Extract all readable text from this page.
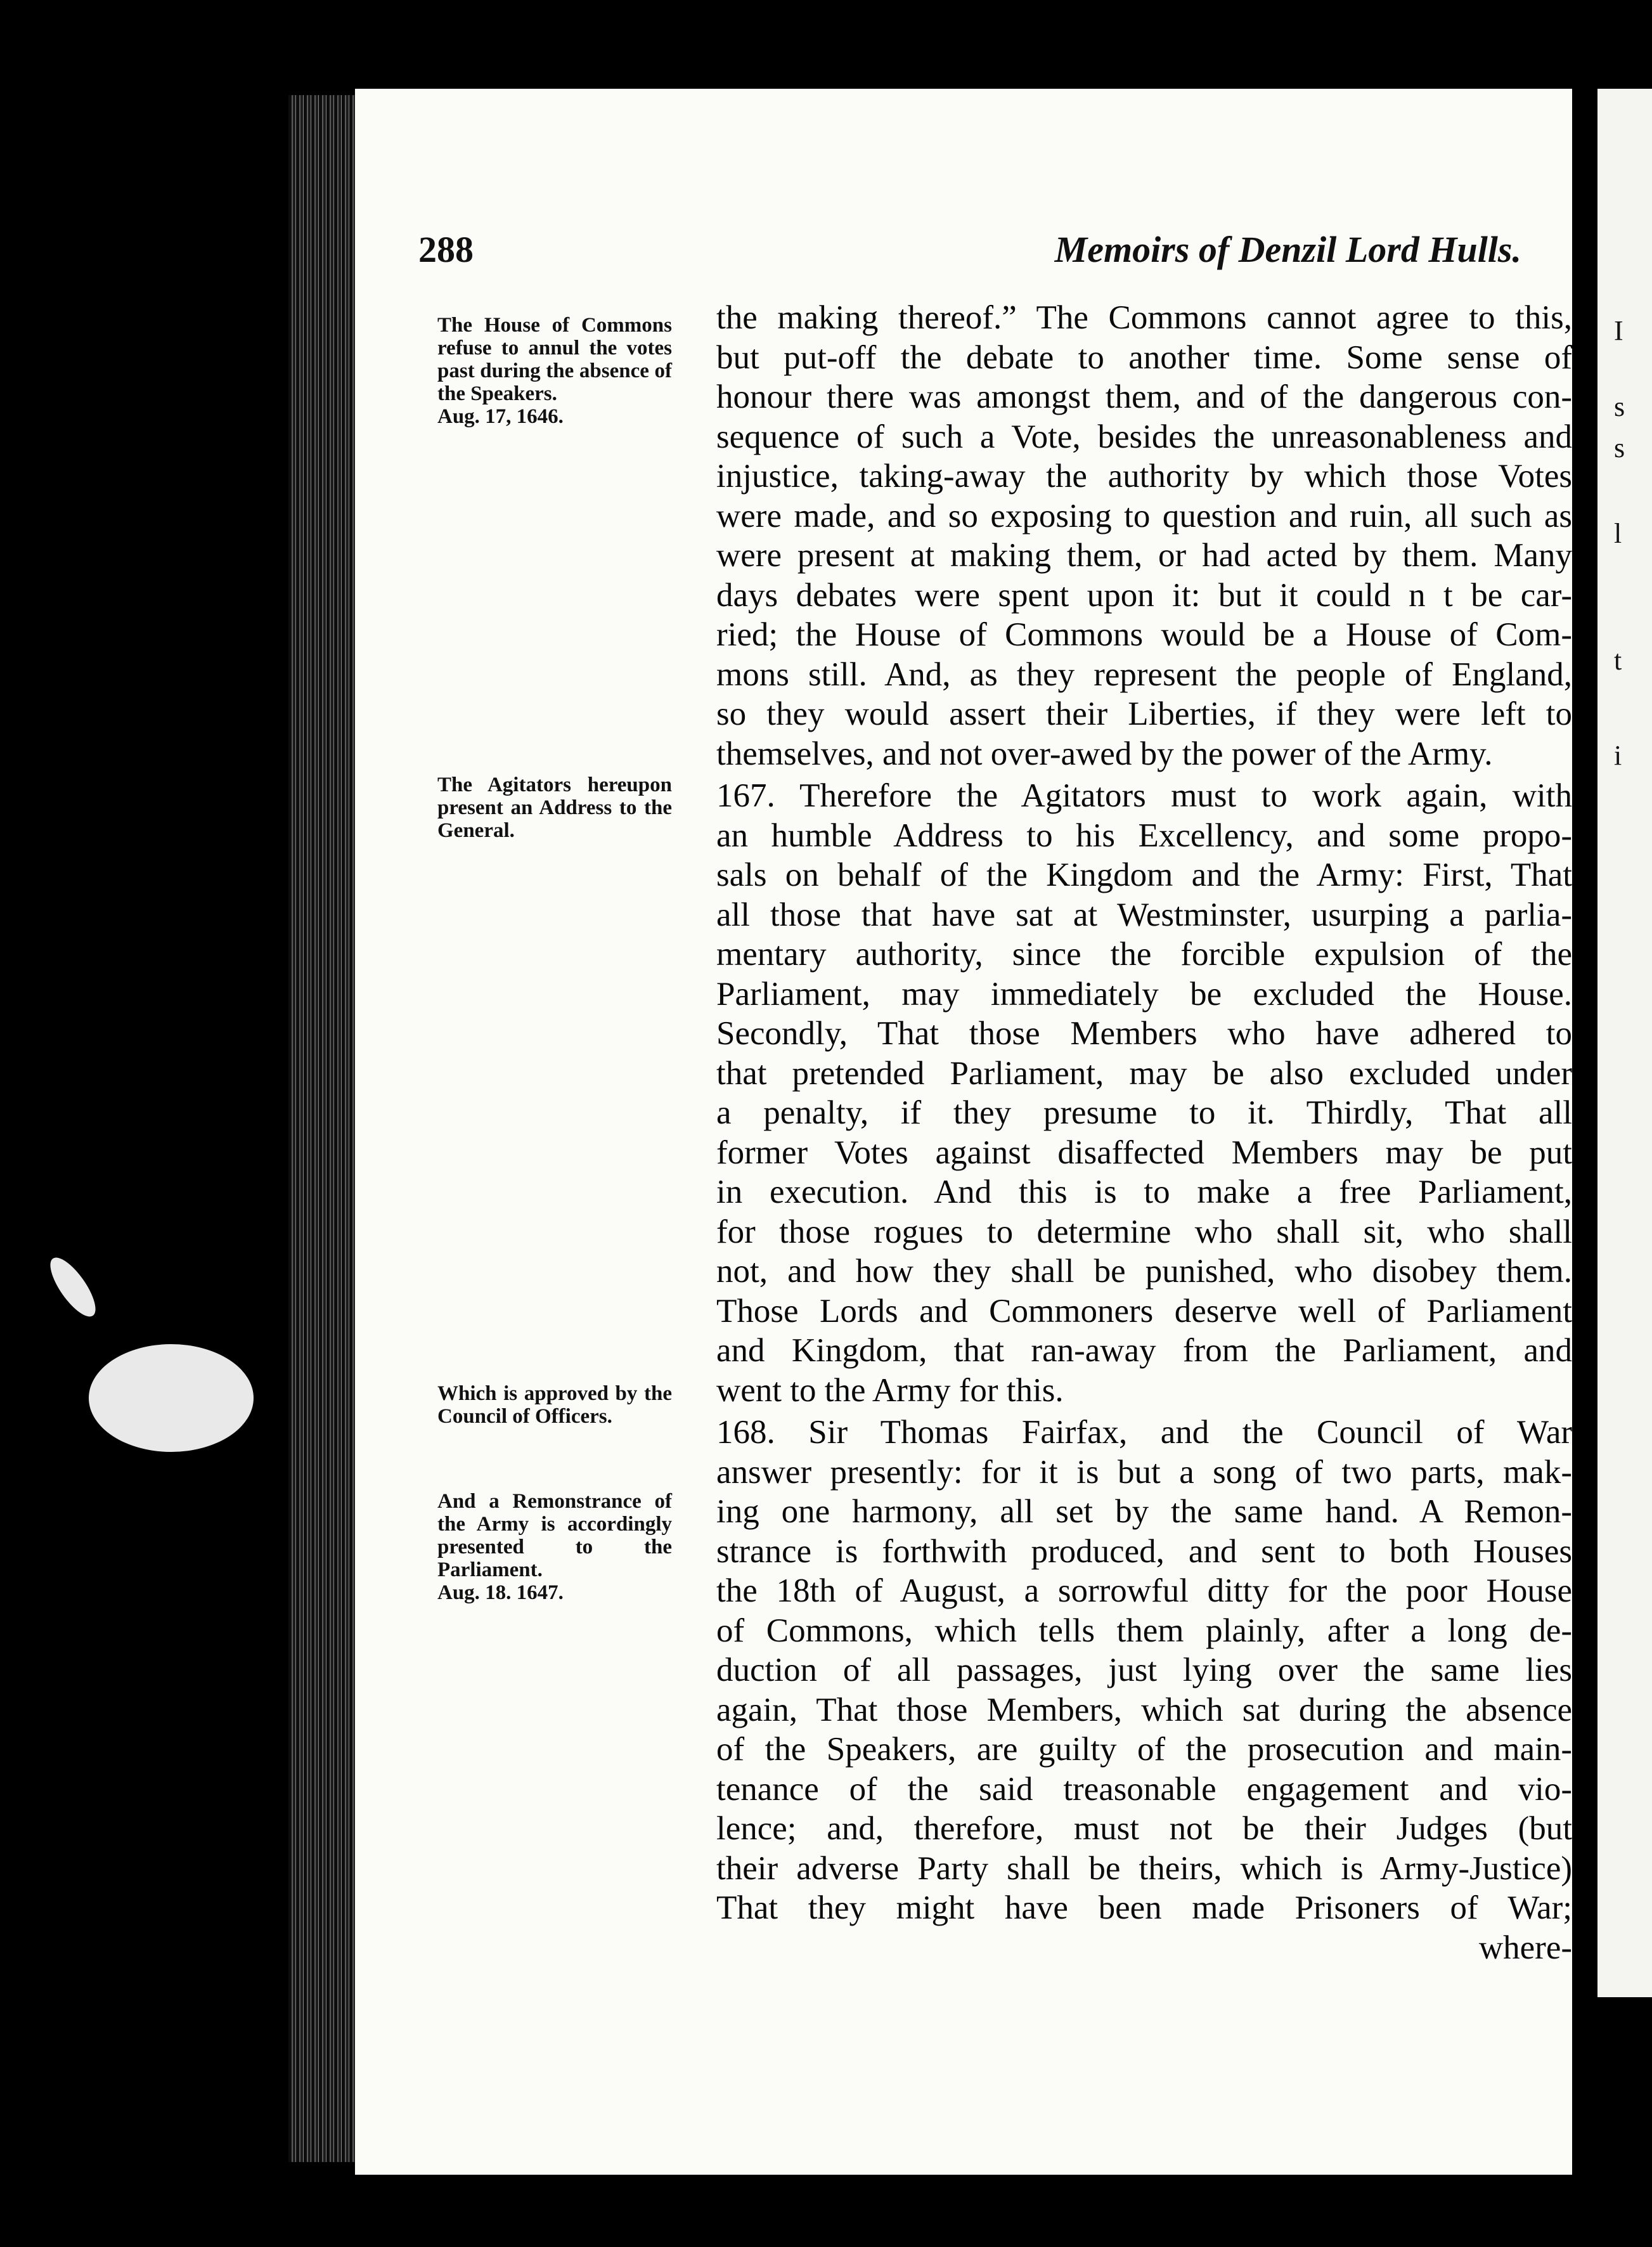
I
s
s
l
t
i
288	Memoirs of Denzil Lord Hulls.
The House of Commons refuse to annul the votes past during the absence of the Speakers.
Aug. 17, 1646.
The Agitators hereupon present an Address to the General.
Which is approved by the Council of Officers.
And a Remonstrance of the Army is accordingly presented to the Parliament.
Aug. 18. 1647.
the making thereof.” The Commons cannot agree to this,
but put-off the debate to another time. Some sense of
honour there was amongst them, and of the dangerous con-
sequence of such a Vote, besides the unreasonableness and
injustice, taking-away the authority by which those Votes
were made, and so exposing to question and ruin, all such as
were present at making them, or had acted by them. Many
days debates were spent upon it: but it could n t be car-
ried; the House of Commons would be a House of Com-
mons still. And, as they represent the people of England,
so they would assert their Liberties, if they were left to
themselves, and not over-awed by the power of the Army.
167. Therefore the Agitators must to work again, with
an humble Address to his Excellency, and some propo-
sals on behalf of the Kingdom and the Army: First, That
all those that have sat at Westminster, usurping a parlia-
mentary authority, since the forcible expulsion of the
Parliament, may immediately be excluded the House.
Secondly, That those Members who have adhered to
that pretended Parliament, may be also excluded under
a penalty, if they presume to it. Thirdly, That all
former Votes against disaffected Members may be put
in execution. And this is to make a free Parliament,
for those rogues to determine who shall sit, who shall
not, and how they shall be punished, who disobey them.
Those Lords and Commoners deserve well of Parliament
and Kingdom, that ran-away from the Parliament, and
went to the Army for this.
168. Sir Thomas Fairfax, and the Council of War
answer presently: for it is but a song of two parts, mak-
ing one harmony, all set by the same hand. A Remon-
strance is forthwith produced, and sent to both Houses
the 18th of August, a sorrowful ditty for the poor House
of Commons, which tells them plainly, after a long de-
duction of all passages, just lying over the same lies
again, That those Members, which sat during the absence
of the Speakers, are guilty of the prosecution and main-
tenance of the said treasonable engagement and vio-
lence; and, therefore, must not be their Judges (but
their adverse Party shall be theirs, which is Army-Justice)
That they might have been made Prisoners of War;
where-
